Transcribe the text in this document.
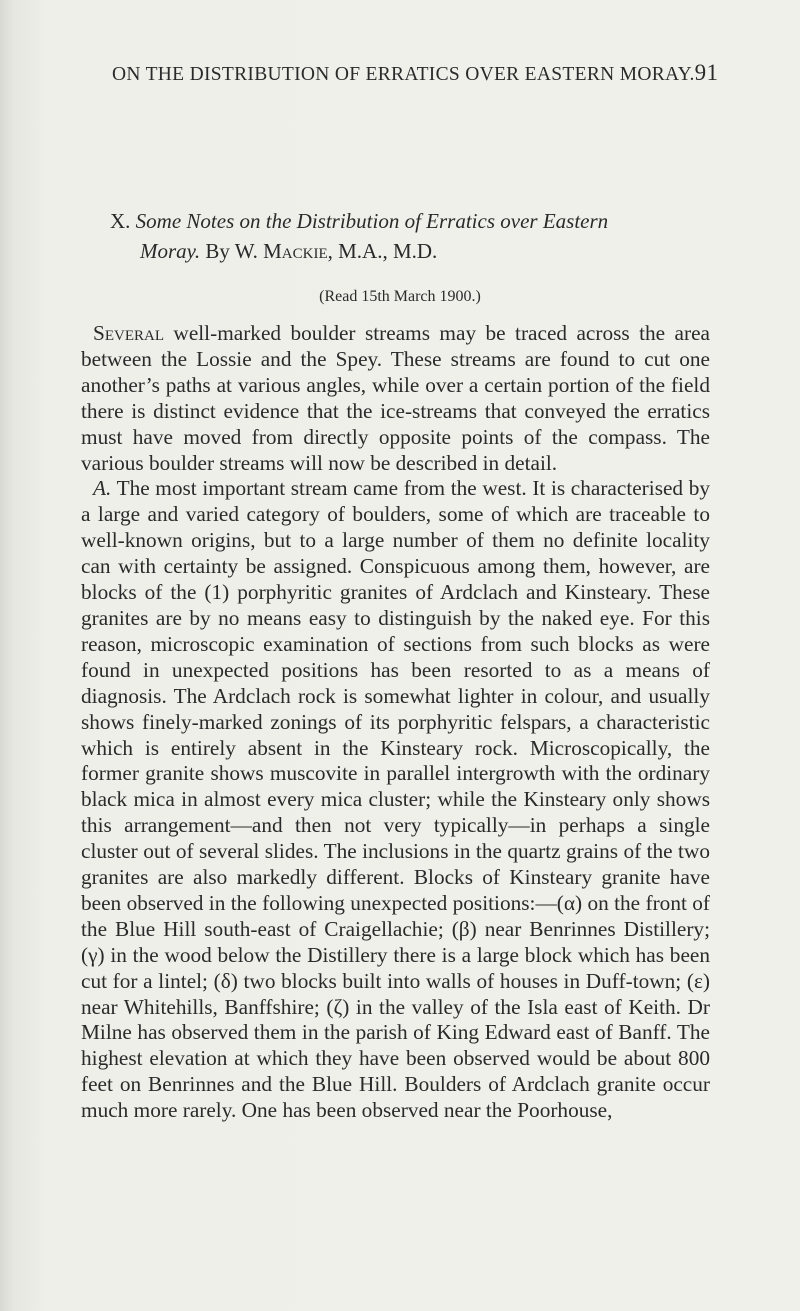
ON THE DISTRIBUTION OF ERRATICS OVER EASTERN MORAY. 91
X. Some Notes on the Distribution of Erratics over Eastern
Moray. By W. Mackie, M.A., M.D.
(Read 15th March 1900.)

Several well-marked boulder streams may be traced across the area between the Lossie and the Spey. These streams are found to cut one another’s paths at various angles, while over a certain portion of the field there is distinct evidence that the ice-streams that conveyed the erratics must have moved from directly opposite points of the compass. The various boulder streams will now be described in detail.

A. The most important stream came from the west. It is characterised by a large and varied category of boulders, some of which are traceable to well-known origins, but to a large number of them no definite locality can with certainty be assigned. Conspicuous among them, however, are blocks of the (1) porphyritic granites of Ardclach and Kinsteary. These granites are by no means easy to distinguish by the naked eye. For this reason, microscopic examination of sections from such blocks as were found in unexpected positions has been resorted to as a means of diagnosis. The Ardclach rock is somewhat lighter in colour, and usually shows finely-marked zonings of its porphyritic felspars, a characteristic which is entirely absent in the Kinsteary rock. Microscopically, the former granite shows muscovite in parallel intergrowth with the ordinary black mica in almost every mica cluster; while the Kinsteary only shows this arrangement—and then not very typically—in perhaps a single cluster out of several slides. The inclusions in the quartz grains of the two granites are also markedly different. Blocks of Kinsteary granite have been observed in the following unexpected positions:—(α) on the front of the Blue Hill south-east of Craigellachie; (β) near Benrinnes Distillery; (γ) in the wood below the Distillery there is a large block which has been cut for a lintel; (δ) two blocks built into walls of houses in Duff-town; (ε) near Whitehills, Banffshire; (ζ) in the valley of the Isla east of Keith. Dr Milne has observed them in the parish of King Edward east of Banff. The highest elevation at which they have been observed would be about 800 feet on Benrinnes and the Blue Hill. Boulders of Ardclach granite occur much more rarely. One has been observed near the Poorhouse,
